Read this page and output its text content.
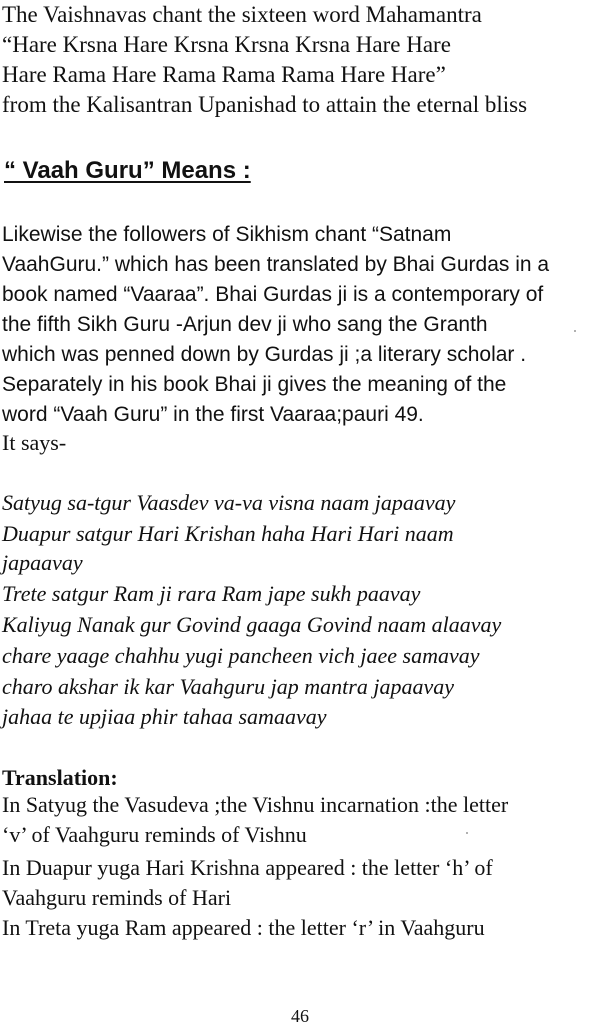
The Vaishnavas chant the sixteen word Mahamantra
“Hare Krsna Hare Krsna Krsna Krsna Hare Hare
Hare Rama Hare Rama Rama Rama Hare Hare”
from the Kalisantran Upanishad to attain the eternal bliss
“ Vaah Guru” Means :
Likewise the followers of Sikhism chant “Satnam
VaahGuru.” which has been translated by Bhai Gurdas in a
book named “Vaaraa”. Bhai Gurdas ji is a contemporary of
the fifth Sikh Guru -Arjun dev ji who sang the Granth
which was penned down by Gurdas ji ;a literary scholar .
Separately in his book Bhai ji gives the meaning of the
word “Vaah Guru” in the first Vaaraa;pauri 49.
It says-
Satyug sa-tgur Vaasdev va-va visna naam japaavay
Duapur satgur Hari Krishan haha Hari Hari naam
japaavay
Trete satgur Ram ji rara Ram jape sukh paavay
Kaliyug Nanak gur Govind gaaga Govind naam alaavay
chare yaage chahhu yugi pancheen vich jaee samavay
charo akshar ik kar Vaahguru jap mantra japaavay
jahaa te upjiaa phir tahaa samaavay
Translation:
In Satyug the Vasudeva ;the Vishnu incarnation :the letter
‘v’ of Vaahguru reminds of Vishnu
In Duapur yuga Hari Krishna appeared : the letter ‘h’ of
Vaahguru reminds of Hari
In Treta yuga Ram appeared : the letter ‘r’ in Vaahguru
46
